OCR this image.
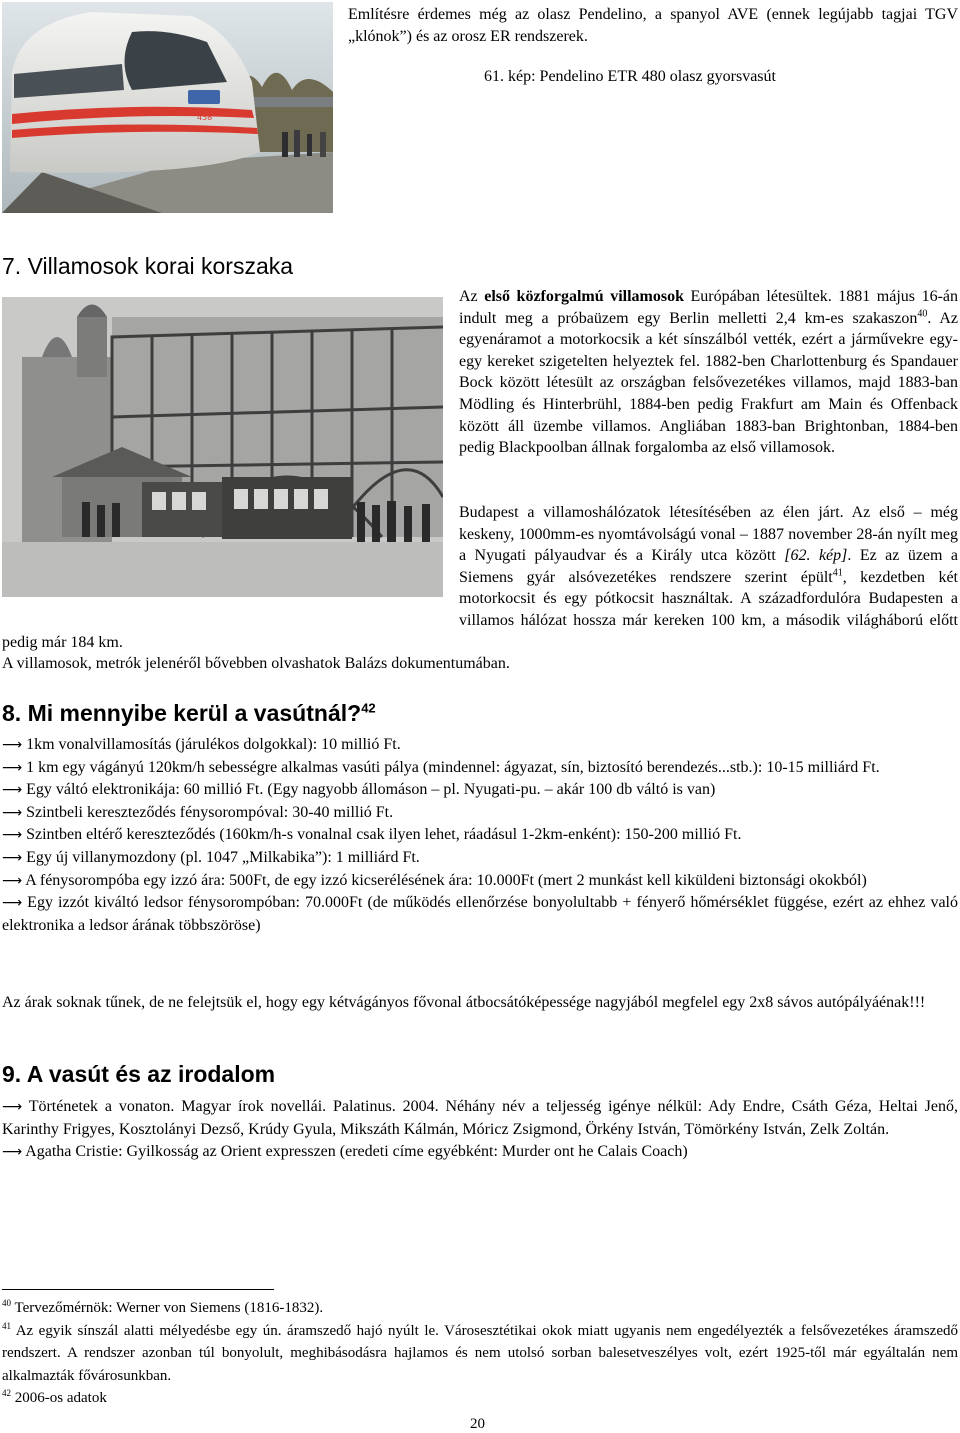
458

Említésre érdemes még az olasz Pendelino, a spanyol AVE (ennek legújabb tagjai TGV „klónok”) és az orosz ER rendszerek.

61. kép: Pendelino ETR 480 olasz gyorsvasút
7. Villamosok korai korszaka

Az első közforgalmú villamosok Európában létesültek. 1881 május 16-án indult meg a próbaüzem egy Berlin melletti 2,4 km-es szakaszon$^{40}$. Az egyenáramot a motorkocsik a két sínszálból vették, ezért a járművekre egy-egy kereket szigetelten helyeztek fel. 1882-ben Charlottenburg és Spandauer Bock között létesült az országban felsővezetékes villamos, majd 1883-ban Mödling és Hinterbrühl, 1884-ben pedig Frakfurt am Main és Offenback között áll üzembe villamos. Angliában 1883-ban Brightonban, 1884-ben pedig Blackpoolban állnak forgalomba az első villamosok.

Budapest a villamoshálózatok létesítésében az élen járt. Az első – még keskeny, 1000mm-es nyomtávolságú vonal – 1887 november 28-án nyílt meg a Nyugati pályaudvar és a Király utca között [62. kép]. Ez az üzem a Siemens gyár alsóvezetékes rendszere szerint épült$^{41}$, kezdetben két motorkocsit és egy pótkocsit használtak. A századfordulóra Budapesten a villamos hálózat hossza már kereken 100 km, a második világháború előtt pedig már 184 km.

A villamosok, metrók jelenéről bővebben olvashatok Balázs dokumentumában.

8. Mi mennyibe kerül a vasútnál?$^{42}$

⟶ 1km vonalvillamosítás (járulékos dolgokkal): 10 millió Ft.

⟶ 1 km egy vágányú 120km/h sebességre alkalmas vasúti pálya (mindennel: ágyazat, sín, biztosító berendezés...stb.): 10-15 milliárd Ft.

⟶ Egy váltó elektronikája: 60 millió Ft. (Egy nagyobb állomáson – pl. Nyugati-pu. – akár 100 db váltó is van)

⟶ Szintbeli kereszteződés fénysorompóval: 30-40 millió Ft.

⟶ Szintben eltérő kereszteződés (160km/h-s vonalnal csak ilyen lehet, ráadásul 1-2km-enként): 150-200 millió Ft.

⟶ Egy új villanymozdony (pl. 1047 „Milkabika”): 1 milliárd Ft.

⟶ A fénysorompóba egy izzó ára: 500Ft, de egy izzó kicserélésének ára: 10.000Ft (mert 2 munkást kell kiküldeni biztonsági okokból)

⟶ Egy izzót kiváltó ledsor fénysorompóban: 70.000Ft (de működés ellenőrzése bonyolultabb + fényerő hőmérséklet függése, ezért az ehhez való elektronika a ledsor árának többszöröse)

Az árak soknak tűnek, de ne felejtsük el, hogy egy kétvágányos fővonal átbocsátóképessége nagyjából megfelel egy 2x8 sávos autópályáénak!!!

9. A vasút és az irodalom

⟶ Történetek a vonaton. Magyar írok novellái. Palatinus. 2004. Néhány név a teljesség igénye nélkül: Ady Endre, Csáth Géza, Heltai Jenő, Karinthy Frigyes, Kosztolányi Dezső, Krúdy Gyula, Mikszáth Kálmán, Móricz Zsigmond, Örkény István, Tömörkény István, Zelk Zoltán.

⟶ Agatha Cristie: Gyilkosság az Orient expresszen (eredeti címe egyébként: Murder ont he Calais Coach)

$^{40}$ Tervezőmérnök: Werner von Siemens (1816-1832).

$^{41}$ Az egyik sínszál alatti mélyedésbe egy ún. áramszedő hajó nyúlt le. Városesztétikai okok miatt ugyanis nem engedélyezték a felsővezetékes áramszedő rendszert. A rendszer azonban túl bonyolult, meghibásodásra hajlamos és nem utolsó sorban balesetveszélyes volt, ezért 1925-től már egyáltalán nem alkalmazták fővárosunkban.

$^{42}$ 2006-os adatok

20
